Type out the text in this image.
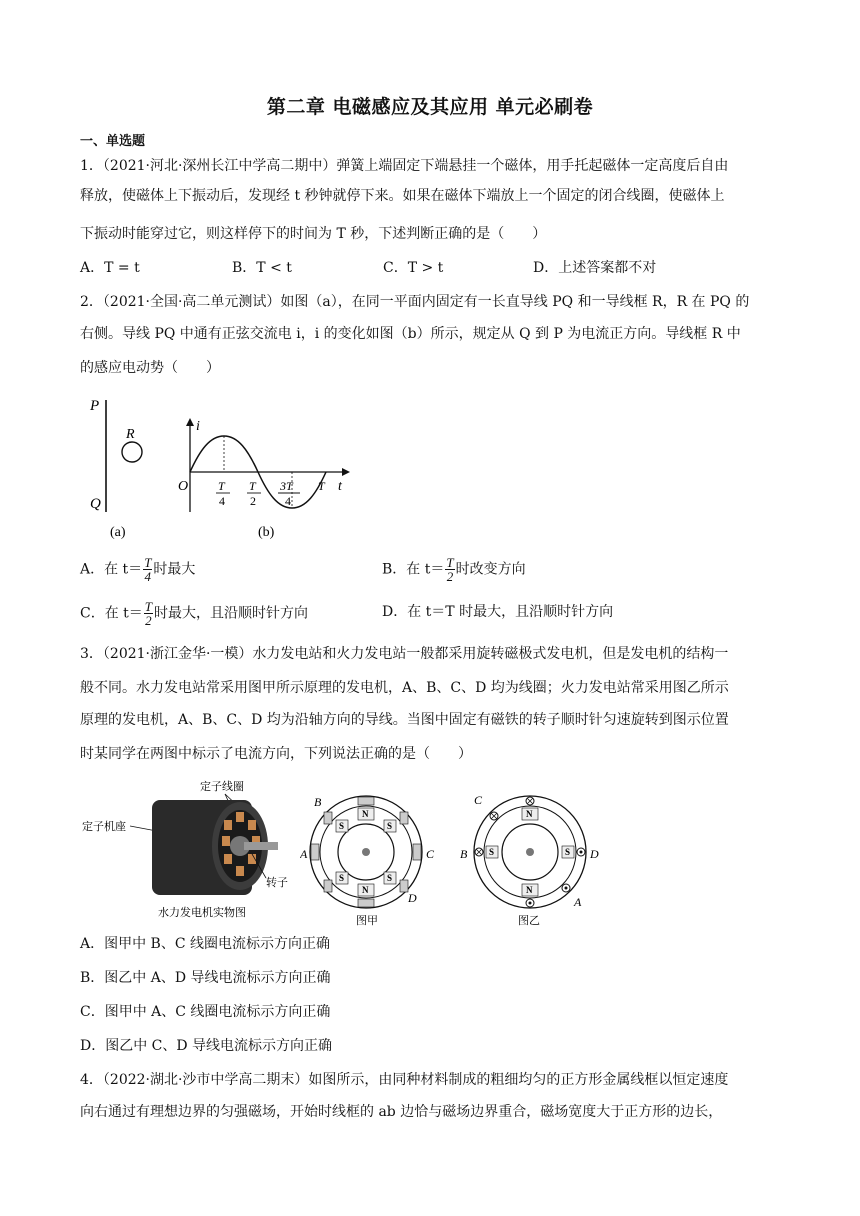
第二章 电磁感应及其应用 单元必刷卷
一、单选题
1．（2021·河北·深州长江中学高二期中）弹簧上端固定下端悬挂一个磁体，用手托起磁体一定高度后自由
释放，使磁体上下振动后，发现经 t 秒钟就停下来。如果在磁体下端放上一个固定的闭合线圈，使磁体上
下振动时能穿过它，则这样停下的时间为 T 秒，下述判断正确的是（　　）
A．T = t	B．T < t	C．T > t	D．上述答案都不对
2．（2021·全国·高二单元测试）如图（a），在同一平面内固定有一长直导线 PQ 和一导线框 R，R 在 PQ 的
右侧。导线 PQ 中通有正弦交流电 i，i 的变化如图（b）所示，规定从 Q 到 P 为电流正方向。导线框 R 中
的感应电动势（　　）
P
Q
R
(a)
i
t
O T
4
T
2
3T
4
T
(b)
A．在 $t= \frac{T}{4}$ 时最大	B．在 $t= \frac{T}{2}$ 时改变方向
C．在 $t= \frac{T}{2}$ 时最大，且沿顺时针方向	D．在 t＝T 时最大，且沿顺时针方向
3．（2021·浙江金华·一模）水力发电站和火力发电站一般都采用旋转磁极式发电机，但是发电机的结构一
般不同。水力发电站常采用图甲所示原理的发电机，A、B、C、D 均为线圈；火力发电站常采用图乙所示
原理的发电机，A、B、C、D 均为沿轴方向的导线。当图中固定有磁铁的转子顺时针匀速旋转到图示位置
时某同学在两图中标示了电流方向，下列说法正确的是（　　）
定子线圈
定子机座
转子
水力发电机实物图
N
N
S	S
S	S
B
A	C
D
图甲
N
N
S	S
C
B	D
A
图乙
A．图甲中 B、C 线圈电流标示方向正确
B．图乙中 A、D 导线电流标示方向正确
C．图甲中 A、C 线圈电流标示方向正确
D．图乙中 C、D 导线电流标示方向正确
4．（2022·湖北·沙市中学高二期末）如图所示，由同种材料制成的粗细均匀的正方形金属线框以恒定速度
向右通过有理想边界的匀强磁场，开始时线框的 ab 边恰与磁场边界重合，磁场宽度大于正方形的边长，
